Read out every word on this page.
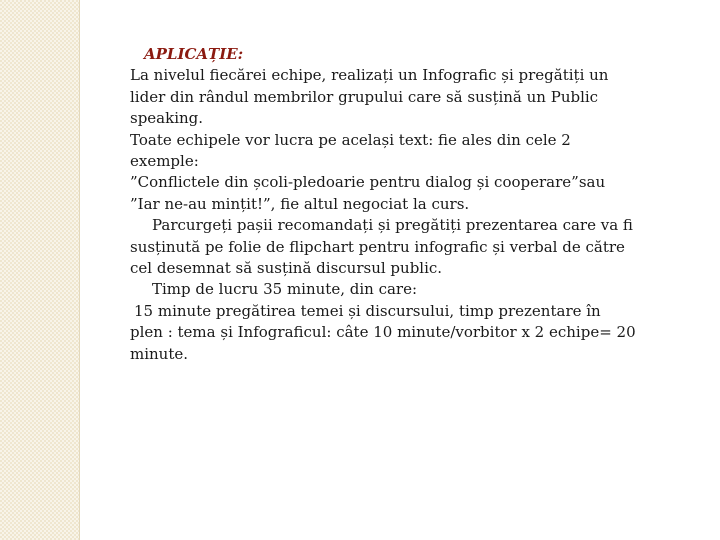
APLICAȚIE:
La nivelul fiecărei echipe, realizați un Infografic și pregătiți un
lider din rândul membrilor grupului care să susțină un Public
speaking.
Toate echipele vor lucra pe același text: fie ales din cele 2
exemple:
”Conflictele din școli-pledoarie pentru dialog și cooperare”sau
”Iar ne-au mințit!”, fie altul negociat la curs.
Parcurgeți pașii recomandați și pregătiți prezentarea care va fi
susținută pe folie de flipchart pentru infografic și verbal de către
cel desemnat să susțină discursul public.
Timp de lucru 35 minute, din care:
15 minute pregătirea temei și discursului, timp prezentare în
plen : tema și Infograficul: câte 10 minute/vorbitor x 2 echipe= 20
minute.
